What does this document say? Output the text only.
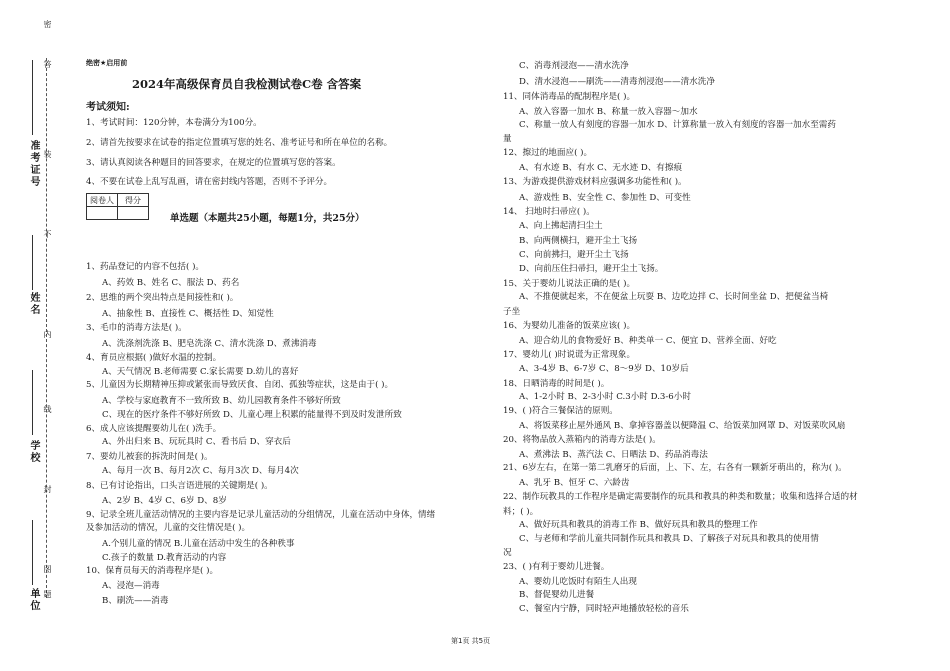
答
不
内
线
封
图
题
密
装
准考证号
姓名
学校
单位
绝密★启用前
2024年高级保育员自我检测试卷C卷 含答案
考试须知:
1、考试时间：120分钟，本卷满分为100分。
2、请首先按要求在试卷的指定位置填写您的姓名、准考证号和所在单位的名称。
3、请认真阅读各种题目的回答要求，在规定的位置填写您的答案。
4、不要在试卷上乱写乱画，请在密封线内答题，否则不予评分。
阅卷人	得分

单选题（本题共25小题，每题1分，共25分）
1、药品登记的内容不包括( )。
A、药效 B、姓名 C、服法 D、药名
2、思维的两个突出特点是间接性和( )。
A、抽象性 B、直接性 C、概括性 D、知觉性
3、毛巾的消毒方法是( )。
A、洗涤剂洗涤 B、肥皂洗涤 C、清水洗涤 D、煮沸消毒
4、育员应根据( )做好水温的控制。
A、天气情况 B.老师需要 C.家长需要 D.幼儿的喜好
5、儿童因为长期精神压抑或紧张而导致厌食、自闭、孤独等症状，这是由于( )。
A、学校与家庭教育不一致所致 B、幼儿园教育条件不够好所致
C、现在的医疗条件不够好所致 D、儿童心理上积累的能量得不到及时发泄所致
6、成人应该提醒要幼儿在( )洗手。
A、外出归来 B、玩玩具时 C、看书后 D、穿衣后
7、要幼儿被套的拆洗时间是( )。
A、每月一次 B、每月2次 C、每月3次 D、每月4次
8、已有讨论指出，口头言语进展的关键期是( )。
A、2岁 B、4岁 C、6岁 D、8岁
9、记录全班儿童活动情况的主要内容是记录儿童活动的分组情况，儿童在活动中身体，情绪
及参加活动的情况，儿童的交往情况是( )。
A.个别儿童的情况 B.儿童在活动中发生的各种秩事
C.孩子的数量 D.教育活动的内容
10、保育员每天的消毒程序是( )。
A、浸泡—消毒
B、刷洗——消毒
C、消毒剂浸泡——清水洗净
D、清水浸泡——刷洗——清毒剂浸泡——清水洗净
11、同体消毒品的配制程序是( )。
A、放入容器一加水 B、称量一放入容器～加水
C、称量一放人有刻度的容器一加水 D、计算称量一放入有刻度的容器一加水至需药
量
12、擦过的地面应( )。
A、有水迹 B、有水 C、无水迹 D、有擦痕
13、为游戏提供游戏材料应强调多功能性和( )。
A、游戏性 B、安全性 C、参加性 D、可变性
14、 扫地时扫帚应( )。
A、向上拂起清扫尘土
B、向两侧横扫，避开尘土飞扬
C、向前拂扫，避开尘土飞扬
D、向前压住扫帚扫，避开尘土飞扬。
15、关于婴幼儿说法正确的是( )。
A、不推便就起来，不在便盆上玩耍 B、边吃边拌 C、长时间坐盆 D、把便盆当椅
子坐
16、为婴幼儿准备的饭菜应该( )。
A、迎合幼儿的食物爱好 B、种类单一 C、便宜 D、营养全面、好吃
17、婴幼儿( )时说谎为正常现象。
A、3-4岁 B、6-7岁 C、8～9岁 D、10岁后
18、日晒消毒的时间是( )。
A、1-2小时 B、2-3小时 C.3小时 D.3-6小时
19、( )符合三餐保洁的原则。
A、将饭菜移止屋外通风 B、拿掉容器盖以便降温 C、给饭菜加网罩 D、对饭菜吹风扇
20、将物品放入蒸箱内的消毒方法是( )。
A、煮沸法 B、蒸汽法 C、日晒法 D、药品消毒法
21、6岁左右，在第一第二乳磨牙的后面，上、下、左，右各有一颗新牙萌出的，称为( )。
A、乳牙 B、恒牙 C、六龄齿
22、制作玩教具的工作程序是确定需要制作的玩具和教具的种类和数量；收集和选择合适的材
料；( )。
A、做好玩具和教具的消毒工作 B、做好玩具和教具的整理工作
C、与老师和学前儿童共同制作玩具和教具 D、了解孩子对玩具和教具的使用情
况
23、( )有利于婴幼儿进餐。
A、婴幼儿吃饭时有陌生人出现
B、督促婴幼儿进餐
C、餐室内宁静，同时轻声地播放轻松的音乐
第1页 共5页
